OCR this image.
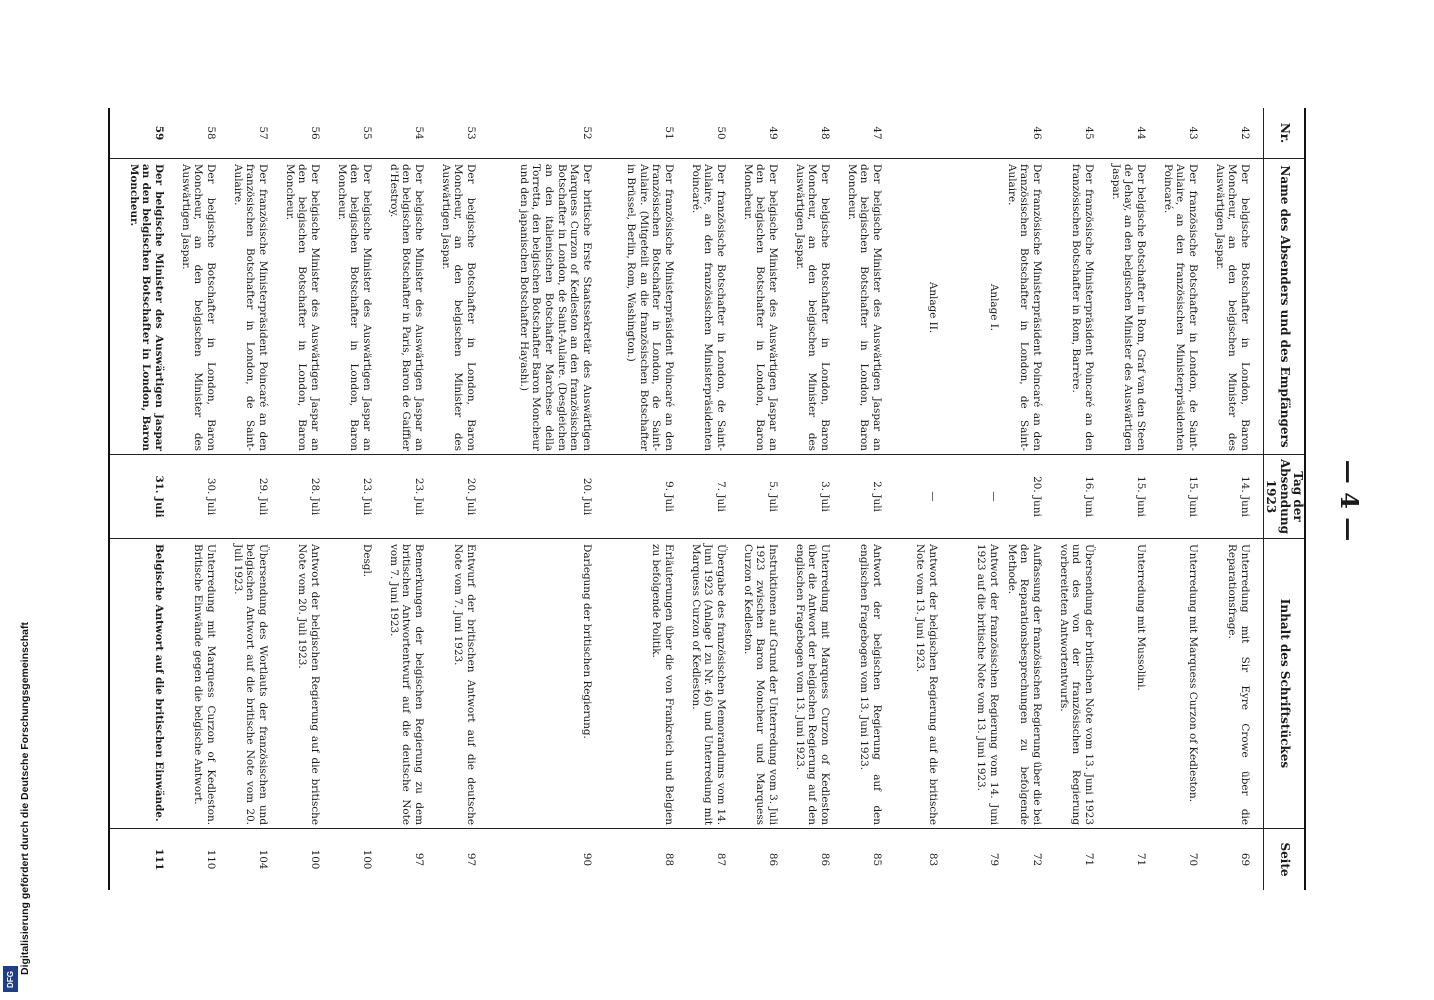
— 4 —
Nr.
42
43
44
45
46
47
48
49
50
51
52
53
54
55
56
57
58
59
Name des Absenders und des Empfängers
Der belgische Botschafter in London, Baron Moncheur, an den belgischen Minister des Auswärtigen Jaspar.
Der französische Botschafter in London, de Saint-Aulaire, an den französischen Ministerpräsidenten Poincaré.
Der belgische Botschafter in Rom, Graf van den Steen de Jehay, an den belgischen Minister des Auswärtigen Jaspar.
Der französische Ministerpräsident Poincaré an den französischen Botschafter in Rom, Barrère.
Der französische Ministerpräsident Poincaré an den französischen Botschafter in London, de Saint-Aulaire.
Anlage I.
Anlage II.
Der belgische Minister des Auswärtigen Jaspar an den belgischen Botschafter in London, Baron Moncheur.
Der belgische Botschafter in London, Baron Moncheur, an den belgischen Minister des Auswärtigen Jaspar.
Der belgische Minister des Auswärtigen Jaspar an den belgischen Botschafter in London, Baron Moncheur.
Der französische Botschafter in London, de Saint-Aulaire, an den französischen Ministerpräsidenten Poincaré.
Der französische Ministerpräsident Poincaré an den französischen Botschafter in London, de Saint-Aulaire. (Mitgeteilt an die französischen Botschafter in Brüssel, Berlin, Rom, Washington.)
Der britische Erste Staatssekretär des Auswärtigen Marquess Curzon of Kedleston an den französischen Botschafter in London, de Saint-Aulaire. (Desgleichen an den italienischen Botschafter Marchese della Torretta, den belgischen Botschafter Baron Moncheur und den japanischen Botschafter Hayashi.)
Der belgische Botschafter in London, Baron Moncheur, an den belgischen Minister des Auswärtigen Jaspar.
Der belgische Minister des Auswärtigen Jaspar an den belgischen Botschafter in Paris, Baron de Gaiffier d'Hestroy.
Der belgische Minister des Auswärtigen Jaspar an den belgischen Botschafter in London, Baron Moncheur.
Der belgische Minister des Auswärtigen Jaspar an den belgischen Botschafter in London, Baron Moncheur.
Der französische Ministerpräsident Poincaré an den französischen Botschafter in London, de Saint-Aulaire.
Der belgische Botschafter in London, Baron Moncheur, an den belgischen Minister des Auswärtigen Jaspar.
Der belgische Minister des Auswärtigen Jaspar an den belgischen Botschafter in London, Baron Moncheur.
Tag der Absendung 1923
14. Juni
15. Juni
15. Juni
16. Juni
20. Juni
—
—
2. Juli
3. Juli
5. Juli
7. Juli
9. Juli
20. Juli
20. Juli
23. Juli
23. Juli
28. Juli
29. Juli
30. Juli
31. Juli
Inhalt des Schriftstückes
Unterredung mit Sir Eyre Crowe über die Reparationsfrage.
Unterredung mit Marquess Curzon of Kedleston.
Unterredung mit Mussolini.
Übersendung der britischen Note vom 13. Juni 1923 und des von der französischen Regierung vorbereiteten Antwortentwurfs.
Auffassung der französischen Regierung über die bei den Reparationsbesprechungen zu befolgende Methode.
Antwort der französischen Regierung vom 14. Juni 1923 auf die britische Note vom 13. Juni 1923.
Antwort der belgischen Regierung auf die britische Note vom 13. Juni 1923.
Antwort der belgischen Regierung auf den englischen Fragebogen vom 13. Juni 1923.
Unterredung mit Marquess Curzon of Kedleston über die Antwort der belgischen Regierung auf den englischen Fragebogen vom 13. Juni 1923.
Instruktionen auf Grund der Unterredung vom 3. Juli 1923 zwischen Baron Moncheur und Marquess Curzon of Kedleston.
Übergabe des französischen Memorandums vom 14. Juni 1923 (Anlage I zu Nr. 46) und Unterredung mit Marquess Curzon of Kedleston.
Erläuterungen über die von Frankreich und Belgien zu befolgende Politik.
Darlegung der britischen Regierung.
Entwurf der britischen Antwort auf die deutsche Note vom 7. Juni 1923.
Bemerkungen der belgischen Regierung zu dem britischen Antwortentwurf auf die deutsche Note vom 7. Juni 1923.
Desgl.
Antwort der belgischen Regierung auf die britische Note vom 20. Juli 1923.
Übersendung des Wortlauts der französischen und belgischen Antwort auf die britische Note vom 20. Juli 1923.
Unterredung mit Marquess Curzon of Kedleston. Britische Einwände gegen die belgische Antwort.
Belgische Antwort auf die britischen Einwände.
Seite
69
70
71
71
72
79
83
85
86
86
87
88
90
97
97
100
100
104
110
111
Digitalisierung gefördert durch die Deutsche Forschungsgemeinschaft
DFG
